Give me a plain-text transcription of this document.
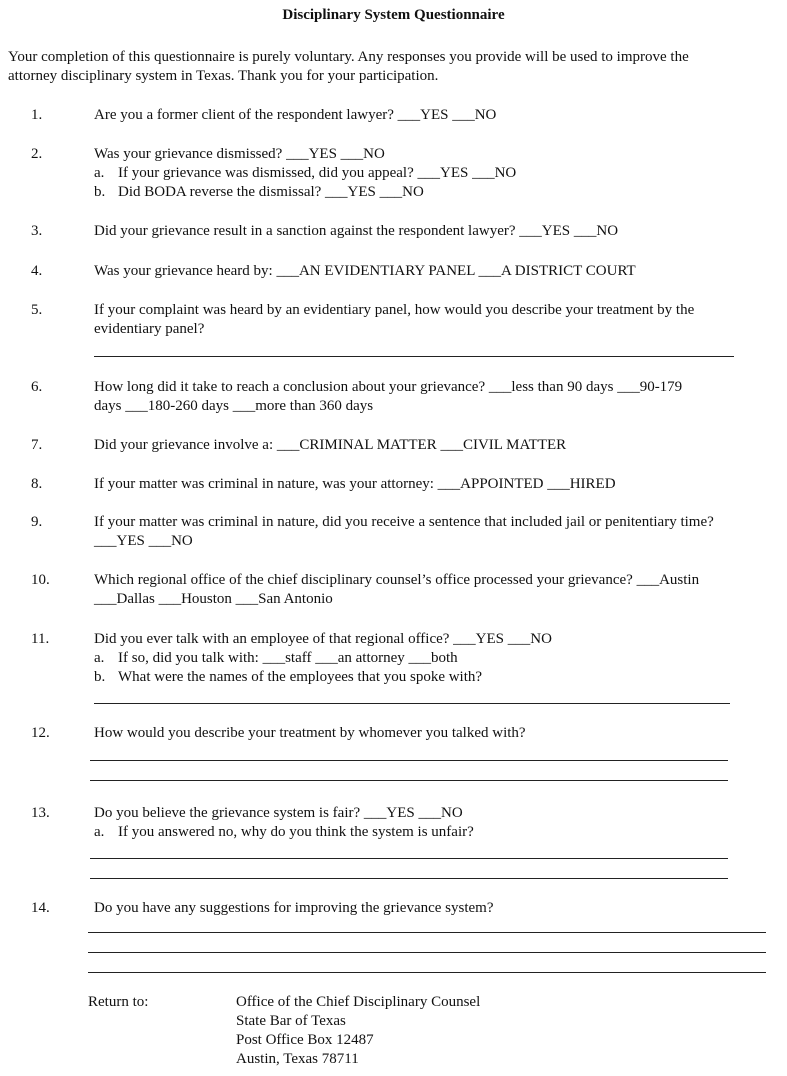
Disciplinary System Questionnaire
Your completion of this questionnaire is purely voluntary. Any responses you provide will be used to improve the
attorney disciplinary system in Texas. Thank you for your participation.
1.	Are you a former client of the respondent lawyer? ___YES ___NO
2.	Was your grievance dismissed? ___YES ___NO
a. If your grievance was dismissed, did you appeal? ___YES ___NO
b. Did BODA reverse the dismissal? ___YES ___NO
3.	Did your grievance result in a sanction against the respondent lawyer? ___YES ___NO
4.	Was your grievance heard by: ___AN EVIDENTIARY PANEL ___A DISTRICT COURT
5.	If your complaint was heard by an evidentiary panel, how would you describe your treatment by the
evidentiary panel?
6.	How long did it take to reach a conclusion about your grievance? ___less than 90 days ___90-179
days ___180-260 days ___more than 360 days
7.	Did your grievance involve a: ___CRIMINAL MATTER ___CIVIL MATTER
8.	If your matter was criminal in nature, was your attorney: ___APPOINTED ___HIRED
9.	If your matter was criminal in nature, did you receive a sentence that included jail or penitentiary time?
___YES ___NO
10.	Which regional office of the chief disciplinary counsel’s office processed your grievance? ___Austin
___Dallas ___Houston ___San Antonio
11.	Did you ever talk with an employee of that regional office? ___YES ___NO
a. If so, did you talk with: ___staff ___an attorney ___both
b. What were the names of the employees that you spoke with?
12.	How would you describe your treatment by whomever you talked with?
13.	Do you believe the grievance system is fair? ___YES ___NO
a. If you answered no, why do you think the system is unfair?
14.	Do you have any suggestions for improving the grievance system?
Return to:	Office of the Chief Disciplinary Counsel
State Bar of Texas
Post Office Box 12487
Austin, Texas 78711
